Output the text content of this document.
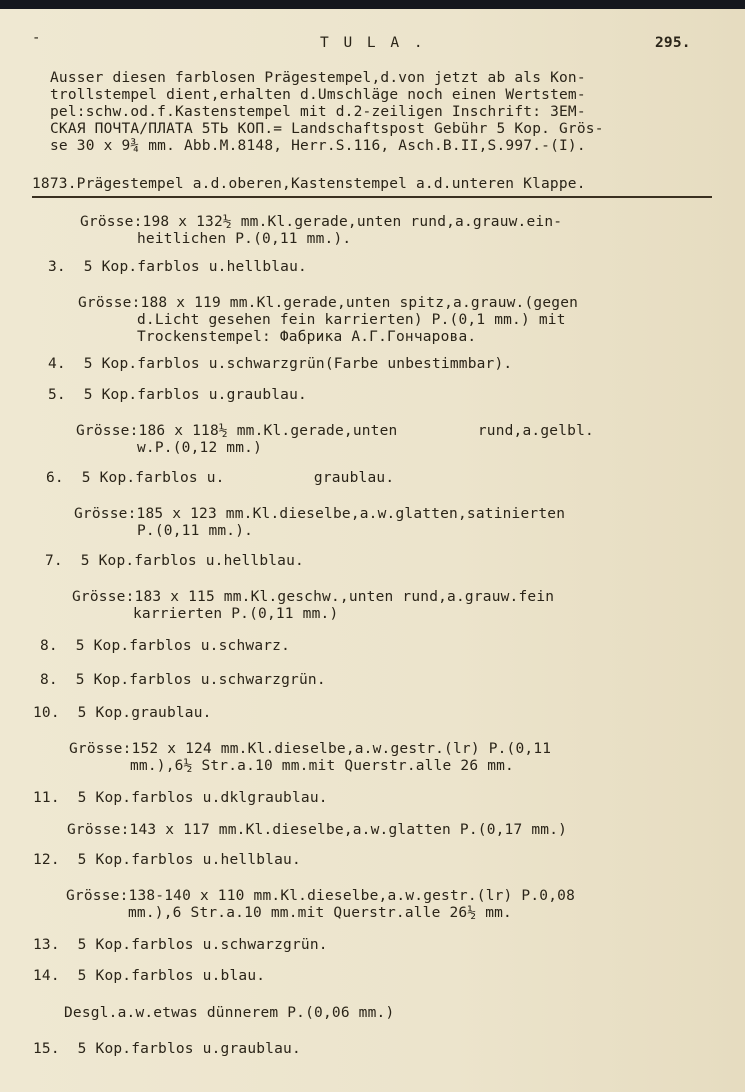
-	T U L A .	295.
Ausser diesen farblosen Prägestempel,d.von jetzt ab als Kon-
trollstempel dient,erhalten d.Umschläge noch einen Wertstem-
pel:schw.od.f.Kastenstempel mit d.2-zeiligen Inschrift: ЗЕМ-
СКАЯ ПОЧТА/ПЛАТА 5ТЬ КОП.= Landschaftspost Gebühr 5 Kop. Grös-
se 30 x 9¾ mm. Abb.M.8148, Herr.S.116, Asch.B.II,S.997.-(I).
1873.Prägestempel a.d.oberen,Kastenstempel a.d.unteren Klappe.
Grösse:198 x 132½ mm.Kl.gerade,unten rund,a.grauw.ein-
heitlichen P.(0,11 mm.).
3.  5 Kop.farblos u.hellblau.
Grösse:188 x 119 mm.Kl.gerade,unten spitz,a.grauw.(gegen
d.Licht gesehen fein karrierten) P.(0,1 mm.) mit
Trockenstempel: Фабрика А.Г.Гончарова.
4.  5 Kop.farblos u.schwarzgrün(Farbe unbestimmbar).
5.  5 Kop.farblos u.graublau.
Grösse:186 x 118½ mm.Kl.gerade,unten         rund,a.gelbl.
w.P.(0,12 mm.)
6.  5 Kop.farblos u.          graublau.
Grösse:185 x 123 mm.Kl.dieselbe,a.w.glatten,satinierten
P.(0,11 mm.).
7.  5 Kop.farblos u.hellblau.
Grösse:183 x 115 mm.Kl.geschw.,unten rund,a.grauw.fein
karrierten P.(0,11 mm.)
8.  5 Kop.farblos u.schwarz.
8.  5 Kop.farblos u.schwarzgrün.
10.  5 Kop.graublau.
Grösse:152 x 124 mm.Kl.dieselbe,a.w.gestr.(lr) P.(0,11
mm.),6½ Str.a.10 mm.mit Querstr.alle 26 mm.
11.  5 Kop.farblos u.dklgraublau.
Grösse:143 x 117 mm.Kl.dieselbe,a.w.glatten P.(0,17 mm.)
12.  5 Kop.farblos u.hellblau.
Grösse:138-140 x 110 mm.Kl.dieselbe,a.w.gestr.(lr) P.0,08
mm.),6 Str.a.10 mm.mit Querstr.alle 26½ mm.
13.  5 Kop.farblos u.schwarzgrün.
14.  5 Kop.farblos u.blau.
Desgl.a.w.etwas dünnerem P.(0,06 mm.)
15.  5 Kop.farblos u.graublau.
